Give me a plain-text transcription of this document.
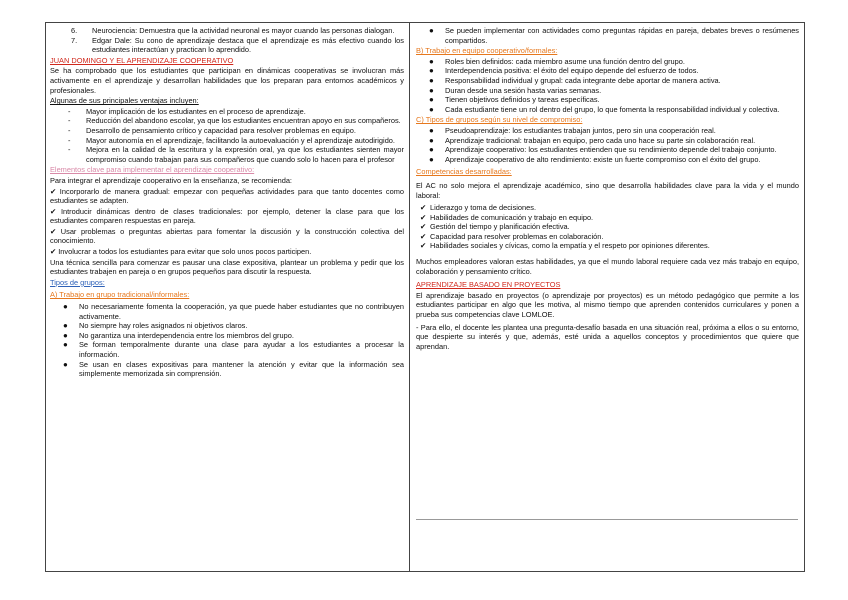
6. Neurociencia: Demuestra que la actividad neuronal es mayor cuando las personas dialogan.
7. Edgar Dale: Su cono de aprendizaje destaca que el aprendizaje es más efectivo cuando los estudiantes interactúan y practican lo aprendido.
JUAN DOMINGO Y EL APRENDIZAJE COOPERATIVO

Se ha comprobado que los estudiantes que participan en dinámicas cooperativas se involucran más activamente en el aprendizaje y desarrollan habilidades que los preparan para entornos académicos y profesionales.

Algunas de sus principales ventajas incluyen:
- Mayor implicación de los estudiantes en el proceso de aprendizaje.
- Reducción del abandono escolar, ya que los estudiantes encuentran apoyo en sus compañeros.
- Desarrollo de pensamiento crítico y capacidad para resolver problemas en equipo.
- Mayor autonomía en el aprendizaje, facilitando la autoevaluación y el aprendizaje autodirigido.
- Mejora en la calidad de la escritura y la expresión oral, ya que los estudiantes sienten mayor compromiso cuando trabajan para sus compañeros que cuando solo lo hacen para el profesor
Elementos clave para implementar el aprendizaje cooperativo:

Para integrar el aprendizaje cooperativo en la enseñanza, se recomienda:

✔ Incorporarlo de manera gradual: empezar con pequeñas actividades para que tanto docentes como estudiantes se adapten.

✔ Introducir dinámicas dentro de clases tradicionales: por ejemplo, detener la clase para que los estudiantes comparen respuestas en pareja.

✔ Usar problemas o preguntas abiertas para fomentar la discusión y la construcción colectiva del conocimiento.

✔ Involucrar a todos los estudiantes para evitar que solo unos pocos participen.

Una técnica sencilla para comenzar es pausar una clase expositiva, plantear un problema y pedir que los estudiantes trabajen en pareja o en grupos pequeños para discutir la respuesta.

Tipos de grupos:
A) Trabajo en grupo tradicional/informales:
● No necesariamente fomenta la cooperación, ya que puede haber estudiantes que no contribuyen activamente.
● No siempre hay roles asignados ni objetivos claros.
● No garantiza una interdependencia entre los miembros del grupo.
● Se forman temporalmente durante una clase para ayudar a los estudiantes a procesar la información.
● Se usan en clases expositivas para mantener la atención y evitar que la información sea simplemente memorizada sin comprensión.
● Se pueden implementar con actividades como preguntas rápidas en pareja, debates breves o resúmenes compartidos.
B) Trabajo en equipo cooperativo/formales:
● Roles bien definidos: cada miembro asume una función dentro del grupo.
● Interdependencia positiva: el éxito del equipo depende del esfuerzo de todos.
● Responsabilidad individual y grupal: cada integrante debe aportar de manera activa.
● Duran desde una sesión hasta varias semanas.
● Tienen objetivos definidos y tareas específicas.
● Cada estudiante tiene un rol dentro del grupo, lo que fomenta la responsabilidad individual y colectiva.
C) Tipos de grupos según su nivel de compromiso:
● Pseudoaprendizaje: los estudiantes trabajan juntos, pero sin una cooperación real.
● Aprendizaje tradicional: trabajan en equipo, pero cada uno hace su parte sin colaboración real.
● Aprendizaje cooperativo: los estudiantes entienden que su rendimiento depende del trabajo conjunto.
● Aprendizaje cooperativo de alto rendimiento: existe un fuerte compromiso con el éxito del grupo.
Competencias desarrolladas:

El AC no solo mejora el aprendizaje académico, sino que desarrolla habilidades clave para la vida y el mundo laboral:

✔ Liderazgo y toma de decisiones.
✔ Habilidades de comunicación y trabajo en equipo.
✔ Gestión del tiempo y planificación efectiva.
✔ Capacidad para resolver problemas en colaboración.
✔ Habilidades sociales y cívicas, como la empatía y el respeto por opiniones diferentes.

Muchos empleadores valoran estas habilidades, ya que el mundo laboral requiere cada vez más trabajo en equipo, colaboración y pensamiento crítico.

APRENDIZAJE BASADO EN PROYECTOS

El aprendizaje basado en proyectos (o aprendizaje por proyectos) es un método pedagógico que permite a los estudiantes participar en algo que les motiva, al mismo tiempo que aprenden contenidos curriculares y ponen a prueba sus competencias clave LOMLOE.

- Para ello, el docente les plantea una pregunta-desafío basada en una situación real, próxima a ellos o su entorno, que despierte su interés y que, además, esté unida a aquellos conceptos y procedimientos que quiere que aprendan.
